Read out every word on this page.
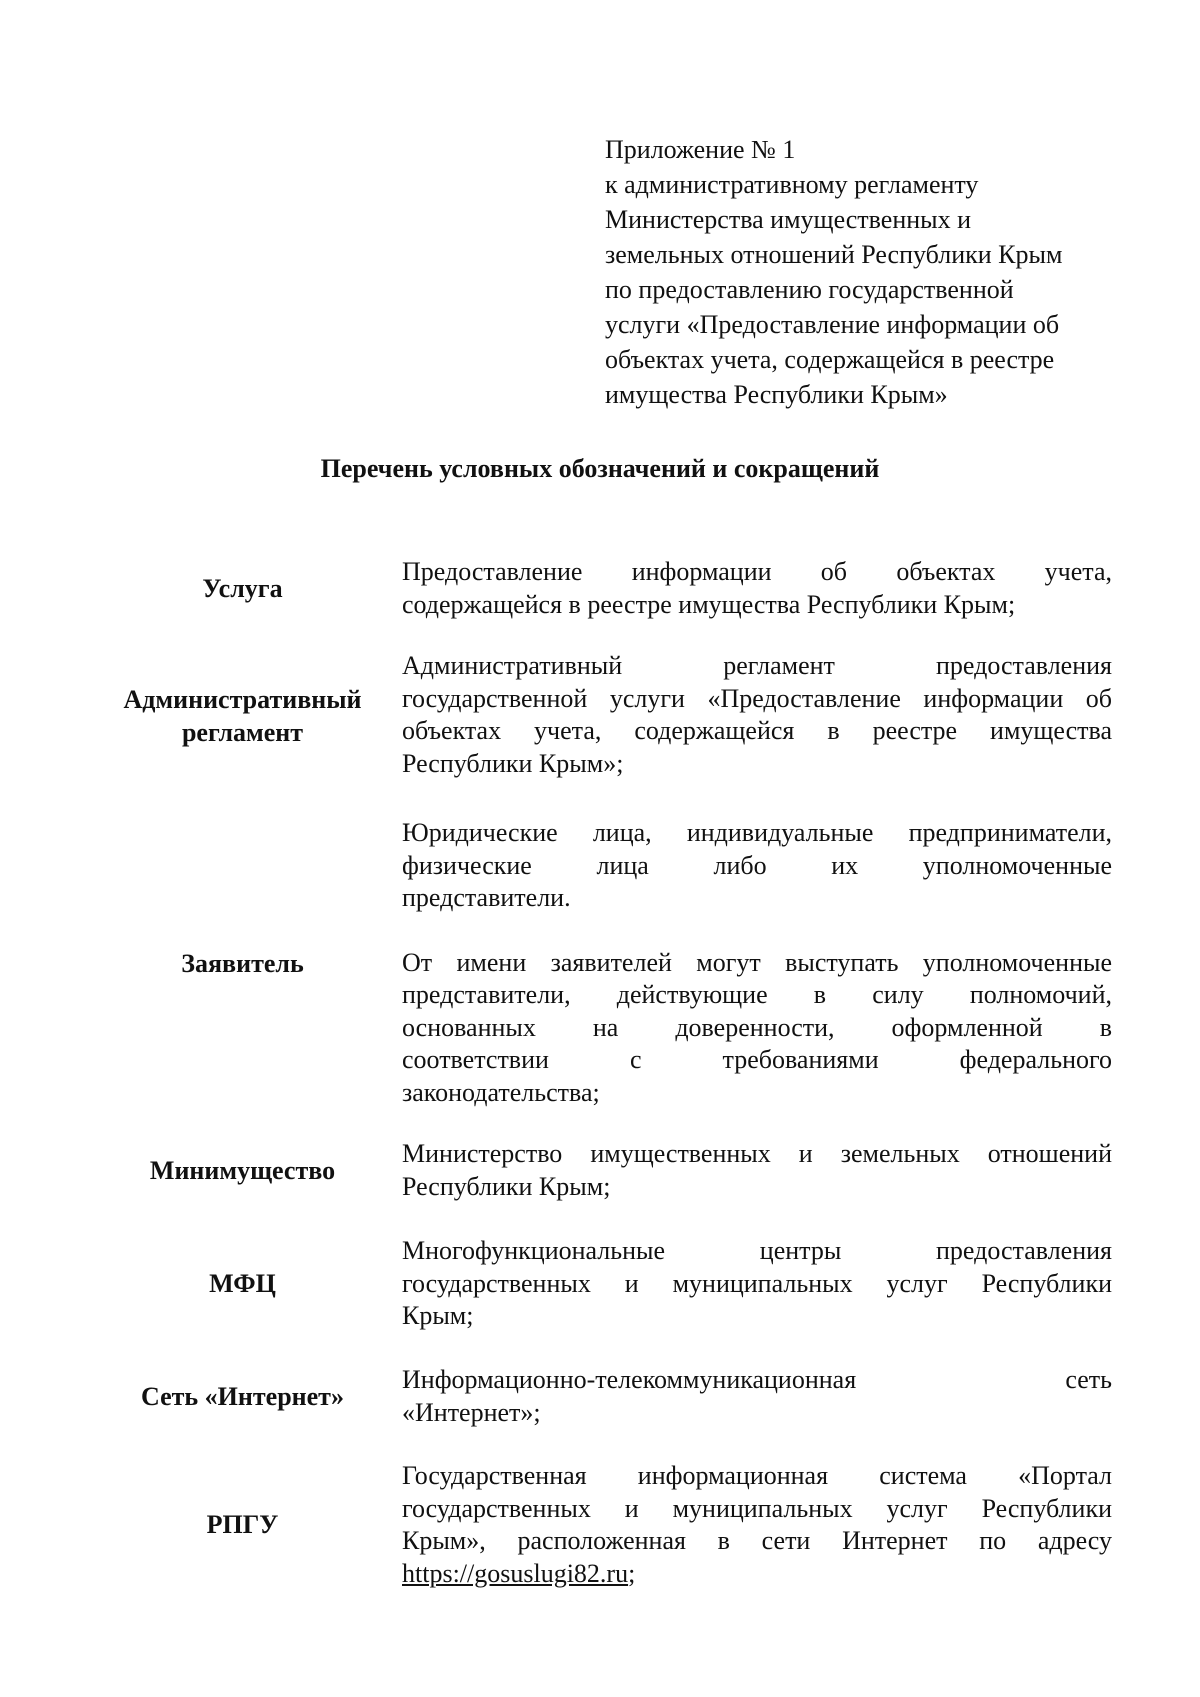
Приложение № 1
к административному регламенту
Министерства имущественных и
земельных отношений Республики Крым
по предоставлению государственной
услуги «Предоставление информации об
объектах учета, содержащейся в реестре
имущества Республики Крым»
Перечень условных обозначений и сокращений
Услуга
Предоставление информации об объектах учета,
содержащейся в реестре имущества Республики Крым;
Административный
регламент
Административный регламент предоставления
государственной услуги «Предоставление информации об
объектах учета, содержащейся в реестре имущества
Республики Крым»;
Заявитель
Юридические лица, индивидуальные предприниматели,
физические лица либо их уполномоченные
представители.
От имени заявителей могут выступать уполномоченные
представители, действующие в силу полномочий,
основанных на доверенности, оформленной в
соответствии с требованиями федерального
законодательства;
Минимущество
Министерство имущественных и земельных отношений
Республики Крым;
МФЦ
Многофункциональные центры предоставления
государственных и муниципальных услуг Республики
Крым;
Сеть «Интернет»
Информационно-телекоммуникационная сеть
«Интернет»;
РПГУ
Государственная информационная система «Портал
государственных и муниципальных услуг Республики
Крым», расположенная в сети Интернет по адресу
https://gosuslugi82.ru;
